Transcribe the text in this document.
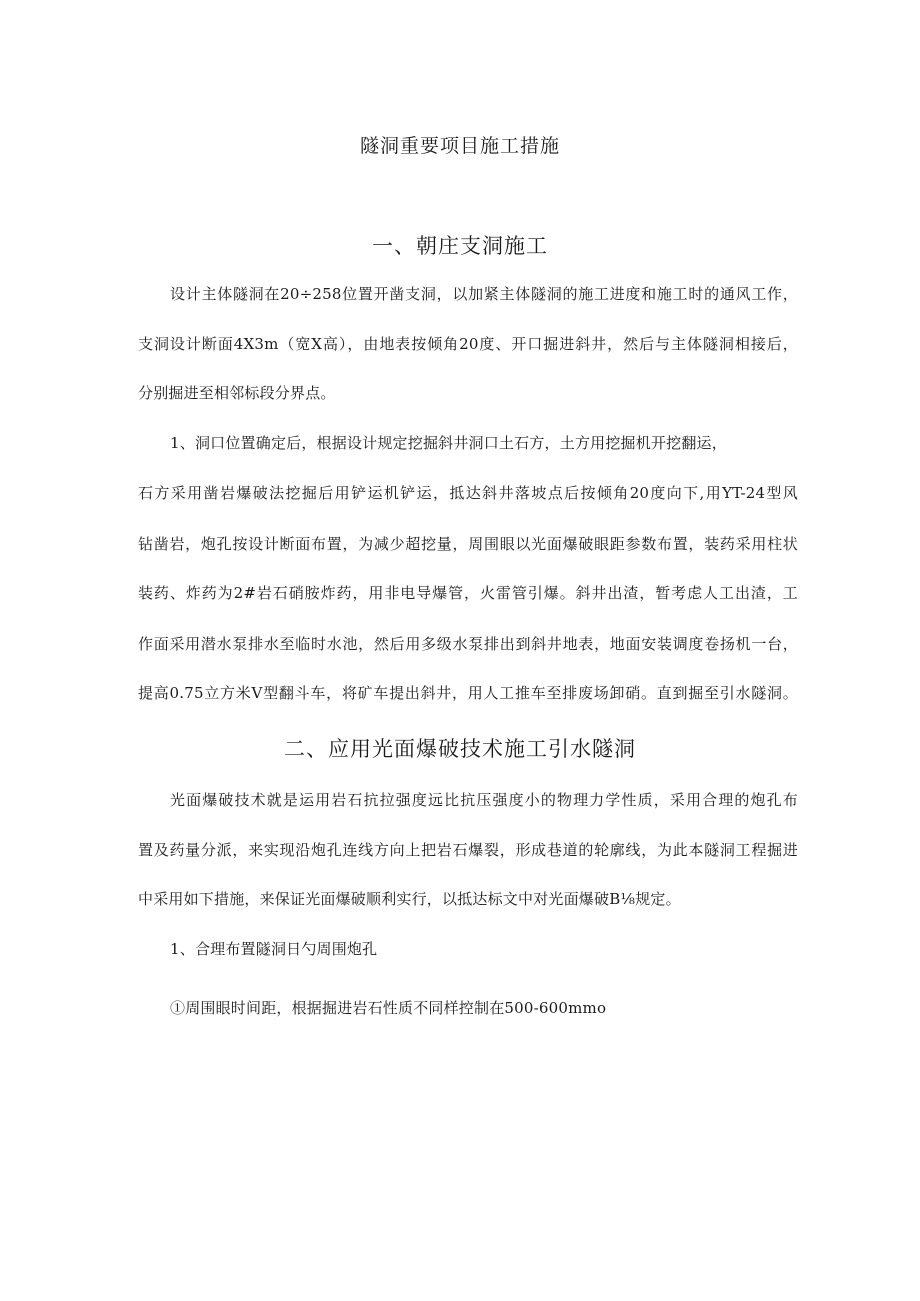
隧洞重要项目施工措施
一、朝庄支洞施工
设计主体隧洞在20÷258位置开凿支洞，以加紧主体隧洞的施工进度和施工时的通风工作，
支洞设计断面4X3m（宽X高），由地表按倾角20度、开口掘进斜井，然后与主体隧洞相接后，
分别掘进至相邻标段分界点。
1、洞口位置确定后，根据设计规定挖掘斜井洞口土石方，土方用挖掘机开挖翻运，
石方采用凿岩爆破法挖掘后用铲运机铲运，抵达斜井落坡点后按倾角20度向下,用YT-24型风
钻凿岩，炮孔按设计断面布置，为减少超挖量，周围眼以光面爆破眼距参数布置，装药采用柱状
装药、炸药为2#岩石硝胺炸药，用非电导爆管，火雷管引爆。斜井出渣，暂考虑人工出渣，工
作面采用潜水泵排水至临时水池，然后用多级水泵排出到斜井地表，地面安装调度卷扬机一台，
提高0.75立方米V型翻斗车，将矿车提出斜井，用人工推车至排废场卸硝。直到掘至引水隧洞。
二、应用光面爆破技术施工引水隧洞
光面爆破技术就是运用岩石抗拉强度远比抗压强度小的物理力学性质，采用合理的炮孔布
置及药量分派，来实现沿炮孔连线方向上把岩石爆裂，形成巷道的轮廓线，为此本隧洞工程掘进
中采用如下措施，来保证光面爆破顺利实行，以抵达标文中对光面爆破B⅛规定。
1、合理布置隧洞日勺周围炮孔
①周围眼时间距，根据掘进岩石性质不同样控制在500-600mmo
